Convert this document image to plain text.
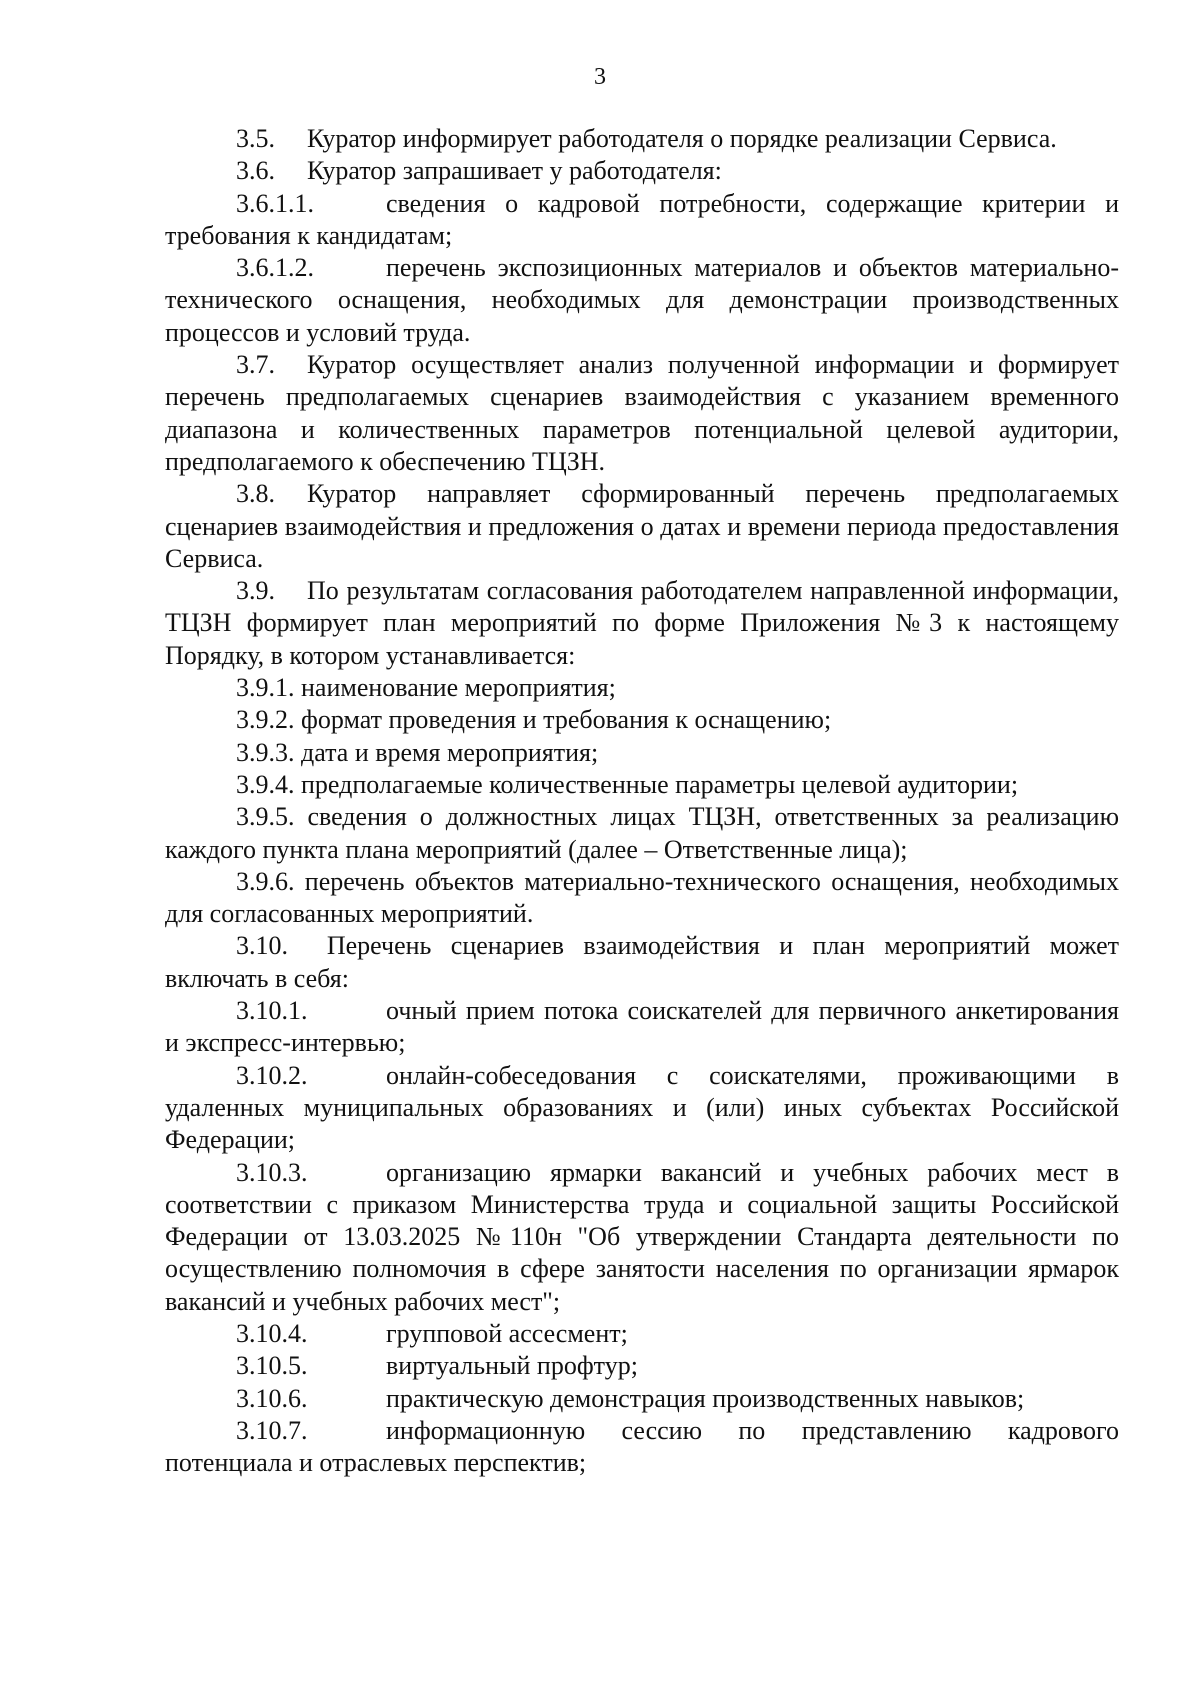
3

3.5. Куратор информирует работодателя о порядке реализации Сервиса.

3.6. Куратор запрашивает у работодателя:

3.6.1.1.	сведения о кадровой потребности, содержащие критерии и требования к кандидатам;

3.6.1.2.	перечень экспозиционных материалов и объектов материально-технического оснащения, необходимых для демонстрации производственных процессов и условий труда.

3.7. Куратор осуществляет анализ полученной информации и формирует перечень предполагаемых сценариев взаимодействия с указанием временного диапазона и количественных параметров потенциальной целевой аудитории, предполагаемого к обеспечению ТЦЗН.

3.8. Куратор направляет сформированный перечень предполагаемых сценариев взаимодействия и предложения о датах и времени периода предоставления Сервиса.

3.9. По результатам согласования работодателем направленной информации, ТЦЗН формирует план мероприятий по форме Приложения №3 к настоящему Порядку, в котором устанавливается:

3.9.1. наименование мероприятия;

3.9.2. формат проведения и требования к оснащению;

3.9.3. дата и время мероприятия;

3.9.4. предполагаемые количественные параметры целевой аудитории;

3.9.5. сведения о должностных лицах ТЦЗН, ответственных за реализацию каждого пункта плана мероприятий (далее – Ответственные лица);

3.9.6. перечень объектов материально-технического оснащения, необходимых для согласованных мероприятий.

3.10. Перечень сценариев взаимодействия и план мероприятий может включать в себя:

3.10.1.	очный прием потока соискателей для первичного анкетирования и экспресс-интервью;

3.10.2.	онлайн-собеседования с соискателями, проживающими в удаленных муниципальных образованиях и (или) иных субъектах Российской Федерации;

3.10.3.	организацию ярмарки вакансий и учебных рабочих мест в соответствии с приказом Министерства труда и социальной защиты Российской Федерации от 13.03.2025 №110н "Об утверждении Стандарта деятельности по осуществлению полномочия в сфере занятости населения по организации ярмарок вакансий и учебных рабочих мест";

3.10.4.	групповой ассесмент;

3.10.5.	виртуальный профтур;

3.10.6.	практическую демонстрация производственных навыков;

3.10.7.	информационную сессию по представлению кадрового потенциала и отраслевых перспектив;
